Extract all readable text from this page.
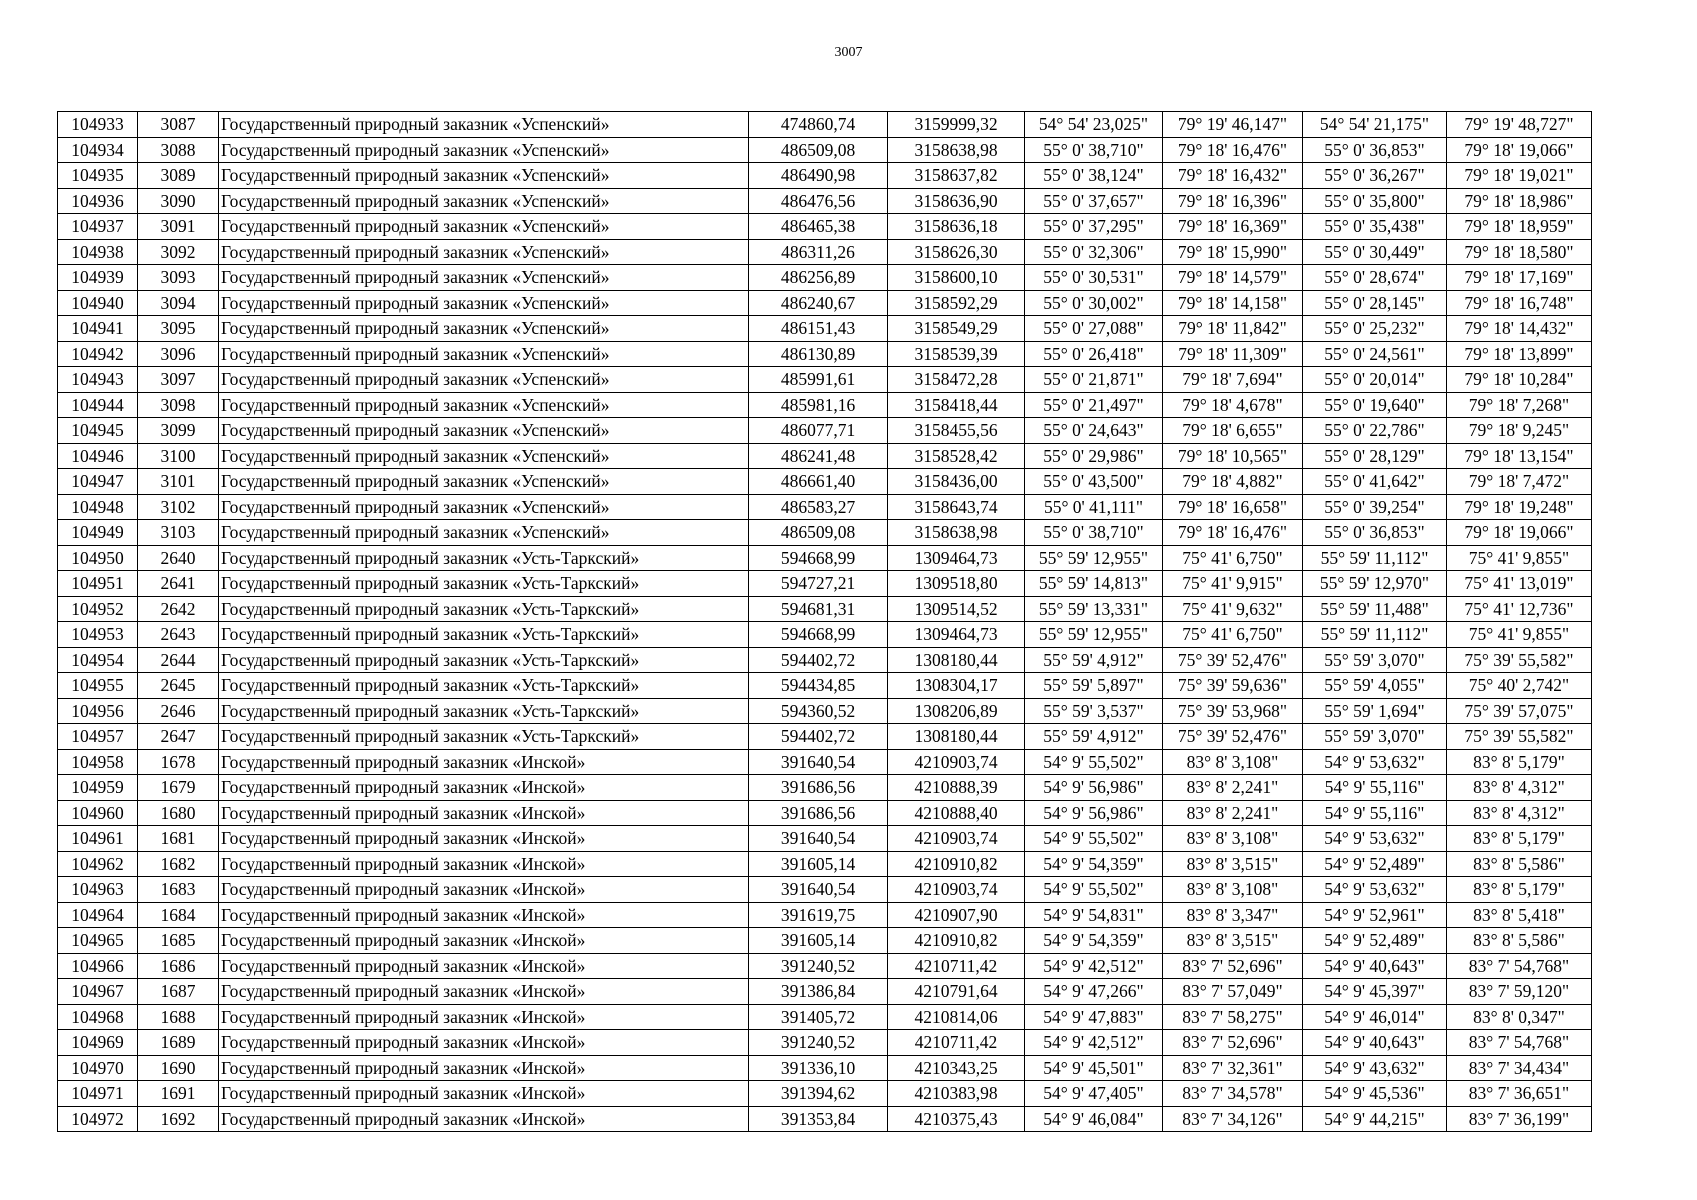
3007
104933	3087	Государственный природный заказник «Успенский»	474860,74	3159999,32	54° 54' 23,025"	79° 19' 46,147"	54° 54' 21,175"	79° 19' 48,727"
104934	3088	Государственный природный заказник «Успенский»	486509,08	3158638,98	55° 0' 38,710"	79° 18' 16,476"	55° 0' 36,853"	79° 18' 19,066"
104935	3089	Государственный природный заказник «Успенский»	486490,98	3158637,82	55° 0' 38,124"	79° 18' 16,432"	55° 0' 36,267"	79° 18' 19,021"
104936	3090	Государственный природный заказник «Успенский»	486476,56	3158636,90	55° 0' 37,657"	79° 18' 16,396"	55° 0' 35,800"	79° 18' 18,986"
104937	3091	Государственный природный заказник «Успенский»	486465,38	3158636,18	55° 0' 37,295"	79° 18' 16,369"	55° 0' 35,438"	79° 18' 18,959"
104938	3092	Государственный природный заказник «Успенский»	486311,26	3158626,30	55° 0' 32,306"	79° 18' 15,990"	55° 0' 30,449"	79° 18' 18,580"
104939	3093	Государственный природный заказник «Успенский»	486256,89	3158600,10	55° 0' 30,531"	79° 18' 14,579"	55° 0' 28,674"	79° 18' 17,169"
104940	3094	Государственный природный заказник «Успенский»	486240,67	3158592,29	55° 0' 30,002"	79° 18' 14,158"	55° 0' 28,145"	79° 18' 16,748"
104941	3095	Государственный природный заказник «Успенский»	486151,43	3158549,29	55° 0' 27,088"	79° 18' 11,842"	55° 0' 25,232"	79° 18' 14,432"
104942	3096	Государственный природный заказник «Успенский»	486130,89	3158539,39	55° 0' 26,418"	79° 18' 11,309"	55° 0' 24,561"	79° 18' 13,899"
104943	3097	Государственный природный заказник «Успенский»	485991,61	3158472,28	55° 0' 21,871"	79° 18' 7,694"	55° 0' 20,014"	79° 18' 10,284"
104944	3098	Государственный природный заказник «Успенский»	485981,16	3158418,44	55° 0' 21,497"	79° 18' 4,678"	55° 0' 19,640"	79° 18' 7,268"
104945	3099	Государственный природный заказник «Успенский»	486077,71	3158455,56	55° 0' 24,643"	79° 18' 6,655"	55° 0' 22,786"	79° 18' 9,245"
104946	3100	Государственный природный заказник «Успенский»	486241,48	3158528,42	55° 0' 29,986"	79° 18' 10,565"	55° 0' 28,129"	79° 18' 13,154"
104947	3101	Государственный природный заказник «Успенский»	486661,40	3158436,00	55° 0' 43,500"	79° 18' 4,882"	55° 0' 41,642"	79° 18' 7,472"
104948	3102	Государственный природный заказник «Успенский»	486583,27	3158643,74	55° 0' 41,111"	79° 18' 16,658"	55° 0' 39,254"	79° 18' 19,248"
104949	3103	Государственный природный заказник «Успенский»	486509,08	3158638,98	55° 0' 38,710"	79° 18' 16,476"	55° 0' 36,853"	79° 18' 19,066"
104950	2640	Государственный природный заказник «Усть-Таркский»	594668,99	1309464,73	55° 59' 12,955"	75° 41' 6,750"	55° 59' 11,112"	75° 41' 9,855"
104951	2641	Государственный природный заказник «Усть-Таркский»	594727,21	1309518,80	55° 59' 14,813"	75° 41' 9,915"	55° 59' 12,970"	75° 41' 13,019"
104952	2642	Государственный природный заказник «Усть-Таркский»	594681,31	1309514,52	55° 59' 13,331"	75° 41' 9,632"	55° 59' 11,488"	75° 41' 12,736"
104953	2643	Государственный природный заказник «Усть-Таркский»	594668,99	1309464,73	55° 59' 12,955"	75° 41' 6,750"	55° 59' 11,112"	75° 41' 9,855"
104954	2644	Государственный природный заказник «Усть-Таркский»	594402,72	1308180,44	55° 59' 4,912"	75° 39' 52,476"	55° 59' 3,070"	75° 39' 55,582"
104955	2645	Государственный природный заказник «Усть-Таркский»	594434,85	1308304,17	55° 59' 5,897"	75° 39' 59,636"	55° 59' 4,055"	75° 40' 2,742"
104956	2646	Государственный природный заказник «Усть-Таркский»	594360,52	1308206,89	55° 59' 3,537"	75° 39' 53,968"	55° 59' 1,694"	75° 39' 57,075"
104957	2647	Государственный природный заказник «Усть-Таркский»	594402,72	1308180,44	55° 59' 4,912"	75° 39' 52,476"	55° 59' 3,070"	75° 39' 55,582"
104958	1678	Государственный природный заказник «Инской»	391640,54	4210903,74	54° 9' 55,502"	83° 8' 3,108"	54° 9' 53,632"	83° 8' 5,179"
104959	1679	Государственный природный заказник «Инской»	391686,56	4210888,39	54° 9' 56,986"	83° 8' 2,241"	54° 9' 55,116"	83° 8' 4,312"
104960	1680	Государственный природный заказник «Инской»	391686,56	4210888,40	54° 9' 56,986"	83° 8' 2,241"	54° 9' 55,116"	83° 8' 4,312"
104961	1681	Государственный природный заказник «Инской»	391640,54	4210903,74	54° 9' 55,502"	83° 8' 3,108"	54° 9' 53,632"	83° 8' 5,179"
104962	1682	Государственный природный заказник «Инской»	391605,14	4210910,82	54° 9' 54,359"	83° 8' 3,515"	54° 9' 52,489"	83° 8' 5,586"
104963	1683	Государственный природный заказник «Инской»	391640,54	4210903,74	54° 9' 55,502"	83° 8' 3,108"	54° 9' 53,632"	83° 8' 5,179"
104964	1684	Государственный природный заказник «Инской»	391619,75	4210907,90	54° 9' 54,831"	83° 8' 3,347"	54° 9' 52,961"	83° 8' 5,418"
104965	1685	Государственный природный заказник «Инской»	391605,14	4210910,82	54° 9' 54,359"	83° 8' 3,515"	54° 9' 52,489"	83° 8' 5,586"
104966	1686	Государственный природный заказник «Инской»	391240,52	4210711,42	54° 9' 42,512"	83° 7' 52,696"	54° 9' 40,643"	83° 7' 54,768"
104967	1687	Государственный природный заказник «Инской»	391386,84	4210791,64	54° 9' 47,266"	83° 7' 57,049"	54° 9' 45,397"	83° 7' 59,120"
104968	1688	Государственный природный заказник «Инской»	391405,72	4210814,06	54° 9' 47,883"	83° 7' 58,275"	54° 9' 46,014"	83° 8' 0,347"
104969	1689	Государственный природный заказник «Инской»	391240,52	4210711,42	54° 9' 42,512"	83° 7' 52,696"	54° 9' 40,643"	83° 7' 54,768"
104970	1690	Государственный природный заказник «Инской»	391336,10	4210343,25	54° 9' 45,501"	83° 7' 32,361"	54° 9' 43,632"	83° 7' 34,434"
104971	1691	Государственный природный заказник «Инской»	391394,62	4210383,98	54° 9' 47,405"	83° 7' 34,578"	54° 9' 45,536"	83° 7' 36,651"
104972	1692	Государственный природный заказник «Инской»	391353,84	4210375,43	54° 9' 46,084"	83° 7' 34,126"	54° 9' 44,215"	83° 7' 36,199"
